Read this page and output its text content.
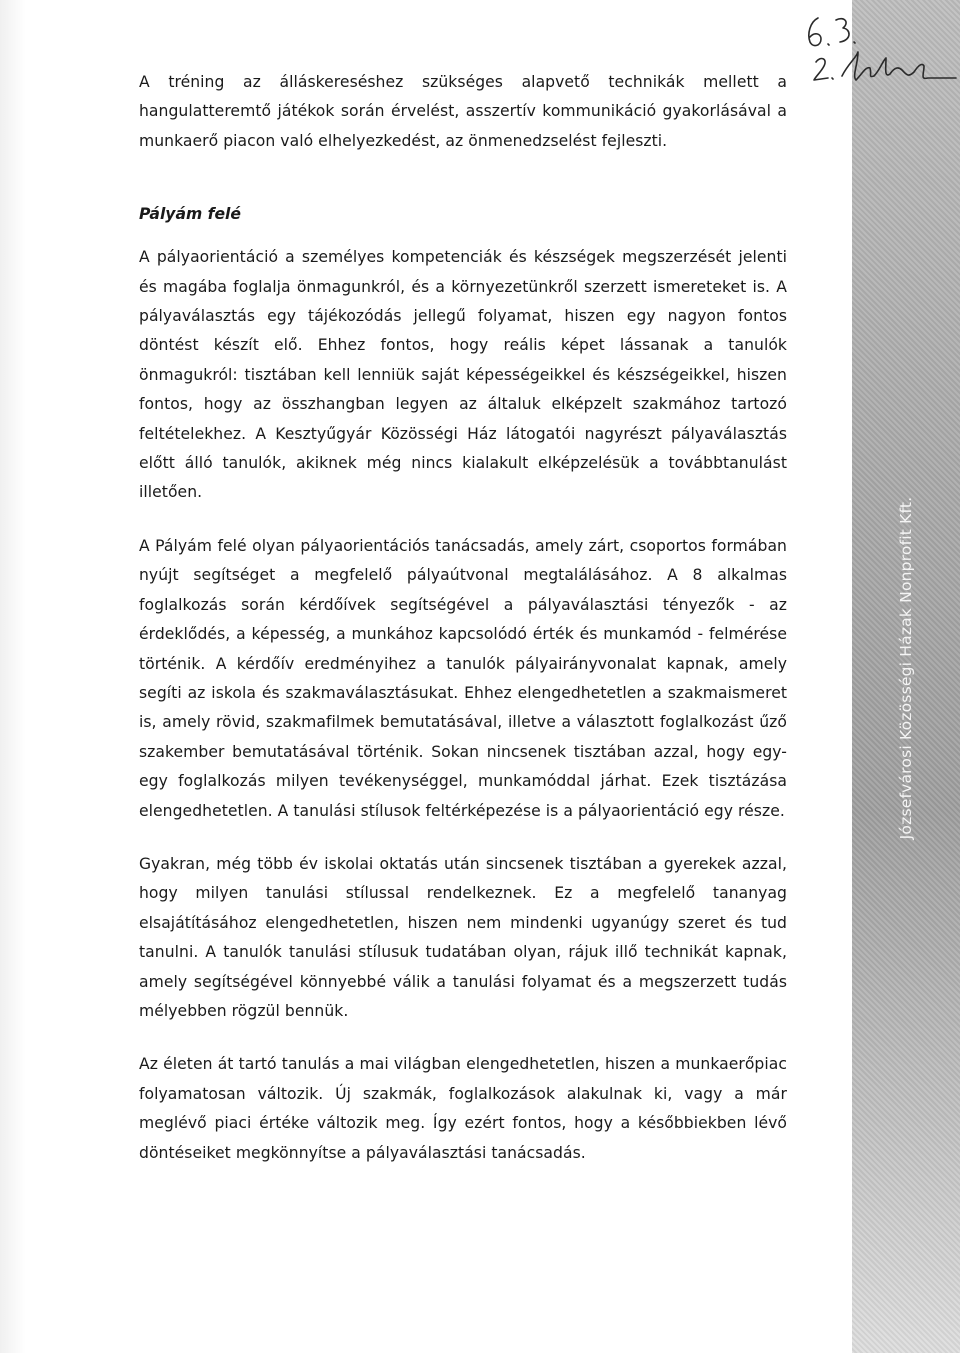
A tréning az álláskereséshez szükséges alapvető technikák mellett a hangulatteremtő játékok során érvelést, asszertív kommunikáció gyakorlásával a munkaerő piacon való elhelyezkedést, az önmenedzselést fejleszti.

Pályám felé

A pályaorientáció a személyes kompetenciák és készségek megszerzését jelenti és magába foglalja önmagunkról, és a környezetünkről szerzett ismereteket is. A pályaválasztás egy tájékozódás jellegű folyamat, hiszen egy nagyon fontos döntést készít elő. Ehhez fontos, hogy reális képet lássanak a tanulók önmagukról: tisztában kell lenniük saját képességeikkel és készségeikkel, hiszen fontos, hogy az összhangban legyen az általuk elképzelt szakmához tartozó feltételekhez. A Kesztyűgyár Közösségi Ház látogatói nagyrészt pályaválasztás előtt álló tanulók, akiknek még nincs kialakult elképzelésük a továbbtanulást illetően.

A Pályám felé olyan pályaorientációs tanácsadás, amely zárt, csoportos formában nyújt segítséget a megfelelő pályaútvonal megtalálásához. A 8 alkalmas foglalkozás során kérdőívek segítségével a pályaválasztási tényezők - az érdeklődés, a képesség, a munkához kapcsolódó érték és munkamód - felmérése történik. A kérdőív eredményihez a tanulók pályairányvonalat kapnak, amely segíti az iskola és szakmaválasztásukat. Ehhez elengedhetetlen a szakmaismeret is, amely rövid, szakmafilmek bemutatásával, illetve a választott foglalkozást űző szakember bemutatásával történik. Sokan nincsenek tisztában azzal, hogy egy-egy foglalkozás milyen tevékenységgel, munkamóddal járhat. Ezek tisztázása elengedhetetlen. A tanulási stílusok feltérképezése is a pályaorientáció egy része.

Gyakran, még több év iskolai oktatás után sincsenek tisztában a gyerekek azzal, hogy milyen tanulási stílussal rendelkeznek. Ez a megfelelő tananyag elsajátításához elengedhetetlen, hiszen nem mindenki ugyanúgy szeret és tud tanulni. A tanulók tanulási stílusuk tudatában olyan, rájuk illő technikát kapnak, amely segítségével könnyebbé válik a tanulási folyamat és a megszerzett tudás mélyebben rögzül bennük.

Az életen át tartó tanulás a mai világban elengedhetetlen, hiszen a munkaerőpiac folyamatosan változik. Új szakmák, foglalkozások alakulnak ki, vagy a már meglévő piaci értéke változik meg. Így ezért fontos, hogy a későbbiekben lévő döntéseiket megkönnyítse a pályaválasztási tanácsadás.

Józsefvárosi Közösségi Házak Nonprofit Kft.
